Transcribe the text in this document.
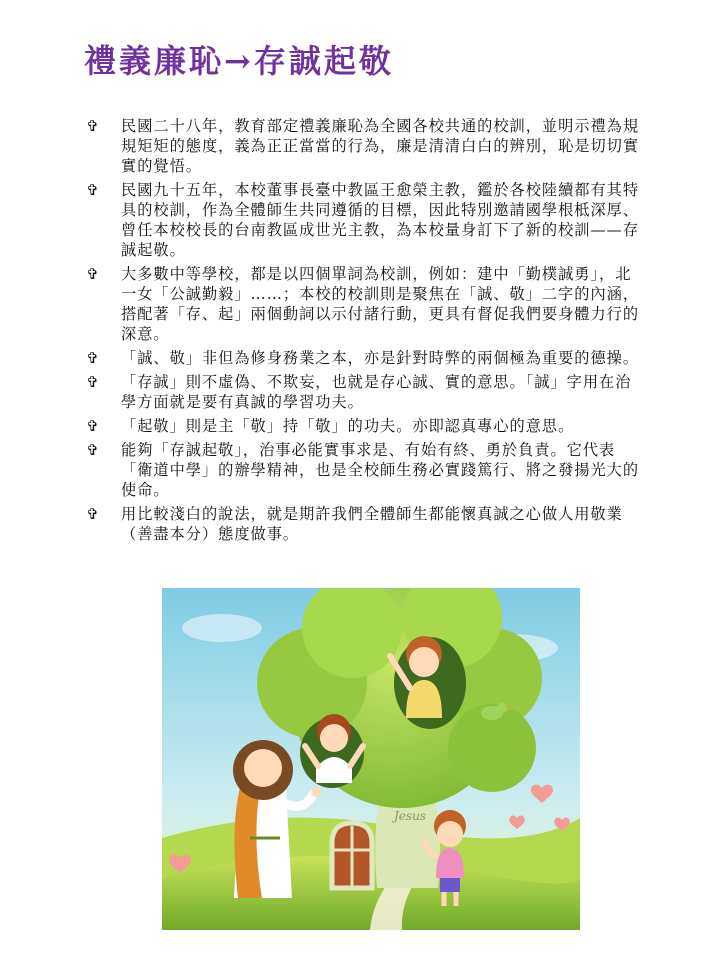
禮義廉恥→存誠起敬
✞ 民國二十八年，教育部定禮義廉恥為全國各校共通的校訓，並明示禮為規規矩矩的態度，義為正正當當的行為，廉是清清白白的辨別，恥是切切實實的覺悟。
✞ 民國九十五年，本校董事長臺中教區王愈榮主教，鑑於各校陸續都有其特具的校訓，作為全體師生共同遵循的目標，因此特別邀請國學根柢深厚、曾任本校校長的台南教區成世光主教，為本校量身訂下了新的校訓——存誠起敬。
✞ 大多數中等學校，都是以四個單詞為校訓，例如：建中「勤樸誠勇」，北一女「公誠勤毅」……；本校的校訓則是聚焦在「誠、敬」二字的內涵，搭配著「存、起」兩個動詞以示付諸行動，更具有督促我們要身體力行的深意。
✞ 「誠、敬」非但為修身務業之本，亦是針對時弊的兩個極為重要的德操。
✞ 「存誠」則不虛偽、不欺妄，也就是存心誠、實的意思。「誠」字用在治學方面就是要有真誠的學習功夫。
✞ 「起敬」則是主「敬」持「敬」的功夫。亦即認真專心的意思。
✞ 能夠「存誠起敬」，治事必能實事求是、有始有終、勇於負責。它代表「衛道中學」的辦學精神，也是全校師生務必實踐篤行、將之發揚光大的使命。
✞ 用比較淺白的說法，就是期許我們全體師生都能懷真誠之心做人用敬業（善盡本分）態度做事。
Jesus
